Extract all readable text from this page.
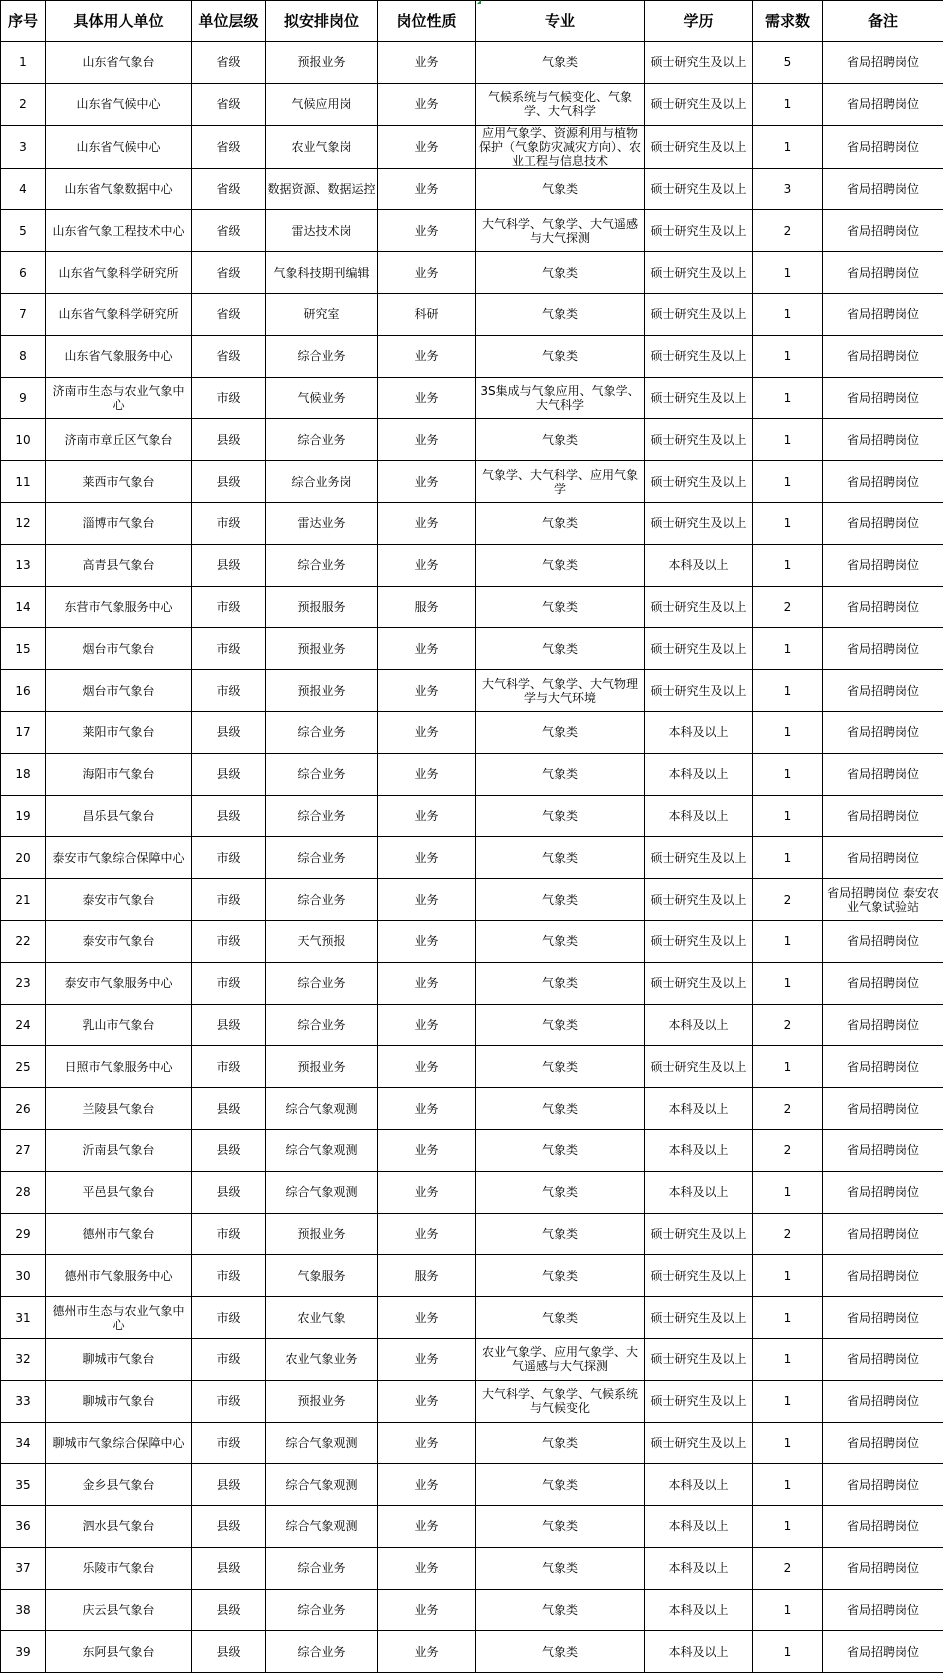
序号	具体用人单位	单位层级	拟安排岗位	岗位性质	专业	学历	需求数	备注

1	山东省气象台	省级	预报业务	业务	气象类	硕士研究生及以上	5	省局招聘岗位

2	山东省气候中心	省级	气候应用岗	业务	气候系统与气候变化、气象学、大气科学	硕士研究生及以上	1	省局招聘岗位

3	山东省气候中心	省级	农业气象岗	业务	应用气象学、资源利用与植物保护（气象防灾减灾方向）、农业工程与信息技术	硕士研究生及以上	1	省局招聘岗位

4	山东省气象数据中心	省级	数据资源、数据运控	业务	气象类	硕士研究生及以上	3	省局招聘岗位

5	山东省气象工程技术中心	省级	雷达技术岗	业务	大气科学、气象学、大气遥感与大气探测	硕士研究生及以上	2	省局招聘岗位

6	山东省气象科学研究所	省级	气象科技期刊编辑	业务	气象类	硕士研究生及以上	1	省局招聘岗位

7	山东省气象科学研究所	省级	研究室	科研	气象类	硕士研究生及以上	1	省局招聘岗位

8	山东省气象服务中心	省级	综合业务	业务	气象类	硕士研究生及以上	1	省局招聘岗位

9	济南市生态与农业气象中心	市级	气候业务	业务	3S集成与气象应用、气象学、大气科学	硕士研究生及以上	1	省局招聘岗位

10	济南市章丘区气象台	县级	综合业务	业务	气象类	硕士研究生及以上	1	省局招聘岗位

11	莱西市气象台	县级	综合业务岗	业务	气象学、大气科学、应用气象学	硕士研究生及以上	1	省局招聘岗位

12	淄博市气象台	市级	雷达业务	业务	气象类	硕士研究生及以上	1	省局招聘岗位

13	高青县气象台	县级	综合业务	业务	气象类	本科及以上	1	省局招聘岗位

14	东营市气象服务中心	市级	预报服务	服务	气象类	硕士研究生及以上	2	省局招聘岗位

15	烟台市气象台	市级	预报业务	业务	气象类	硕士研究生及以上	1	省局招聘岗位

16	烟台市气象台	市级	预报业务	业务	大气科学、气象学、大气物理学与大气环境	硕士研究生及以上	1	省局招聘岗位

17	莱阳市气象台	县级	综合业务	业务	气象类	本科及以上	1	省局招聘岗位

18	海阳市气象台	县级	综合业务	业务	气象类	本科及以上	1	省局招聘岗位

19	昌乐县气象台	县级	综合业务	业务	气象类	本科及以上	1	省局招聘岗位

20	泰安市气象综合保障中心	市级	综合业务	业务	气象类	硕士研究生及以上	1	省局招聘岗位

21	泰安市气象台	市级	综合业务	业务	气象类	硕士研究生及以上	2	省局招聘岗位 泰安农业气象试验站

22	泰安市气象台	市级	天气预报	业务	气象类	硕士研究生及以上	1	省局招聘岗位

23	泰安市气象服务中心	市级	综合业务	业务	气象类	硕士研究生及以上	1	省局招聘岗位

24	乳山市气象台	县级	综合业务	业务	气象类	本科及以上	2	省局招聘岗位

25	日照市气象服务中心	市级	预报业务	业务	气象类	硕士研究生及以上	1	省局招聘岗位

26	兰陵县气象台	县级	综合气象观测	业务	气象类	本科及以上	2	省局招聘岗位

27	沂南县气象台	县级	综合气象观测	业务	气象类	本科及以上	2	省局招聘岗位

28	平邑县气象台	县级	综合气象观测	业务	气象类	本科及以上	1	省局招聘岗位

29	德州市气象台	市级	预报业务	业务	气象类	硕士研究生及以上	2	省局招聘岗位

30	德州市气象服务中心	市级	气象服务	服务	气象类	硕士研究生及以上	1	省局招聘岗位

31	德州市生态与农业气象中心	市级	农业气象	业务	气象类	硕士研究生及以上	1	省局招聘岗位

32	聊城市气象台	市级	农业气象业务	业务	农业气象学、应用气象学、大气遥感与大气探测	硕士研究生及以上	1	省局招聘岗位

33	聊城市气象台	市级	预报业务	业务	大气科学、气象学、气候系统与气候变化	硕士研究生及以上	1	省局招聘岗位

34	聊城市气象综合保障中心	市级	综合气象观测	业务	气象类	硕士研究生及以上	1	省局招聘岗位

35	金乡县气象台	县级	综合气象观测	业务	气象类	本科及以上	1	省局招聘岗位

36	泗水县气象台	县级	综合气象观测	业务	气象类	本科及以上	1	省局招聘岗位

37	乐陵市气象台	县级	综合业务	业务	气象类	本科及以上	2	省局招聘岗位

38	庆云县气象台	县级	综合业务	业务	气象类	本科及以上	1	省局招聘岗位

39	东阿县气象台	县级	综合业务	业务	气象类	本科及以上	1	省局招聘岗位
